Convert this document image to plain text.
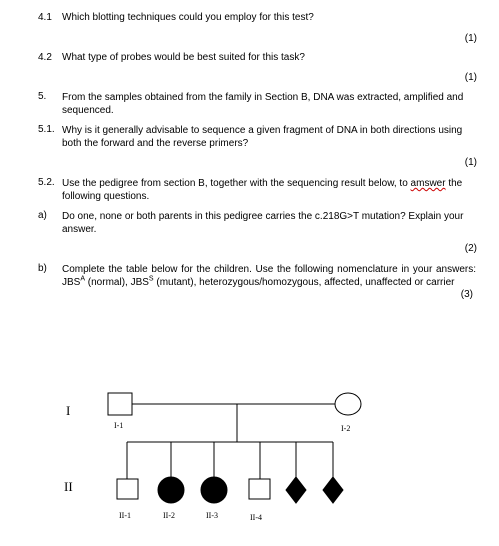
4.1 Which blotting techniques could you employ for this test?
(1)
4.2 What type of probes would be best suited for this task?
(1)
5. From the samples obtained from the family in Section B, DNA was extracted, amplified and sequenced.
5.1. Why is it generally advisable to sequence a given fragment of DNA in both directions using both the forward and the reverse primers?
(1)
5.2. Use the pedigree from section B, together with the sequencing result below, to amswer the following questions.
a) Do one, none or both parents in this pedigree carries the c.218G>T mutation? Explain your answer.
(2)
b) Complete the table below for the children. Use the following nomenclature in your answers: $JBS^A$ (normal), $JBS^S$ (mutant), heterozygous/homozygous, affected, unaffected or carrier
(3)
I
II
I-1	I-2
II-1	II-2	II-3	II-4
